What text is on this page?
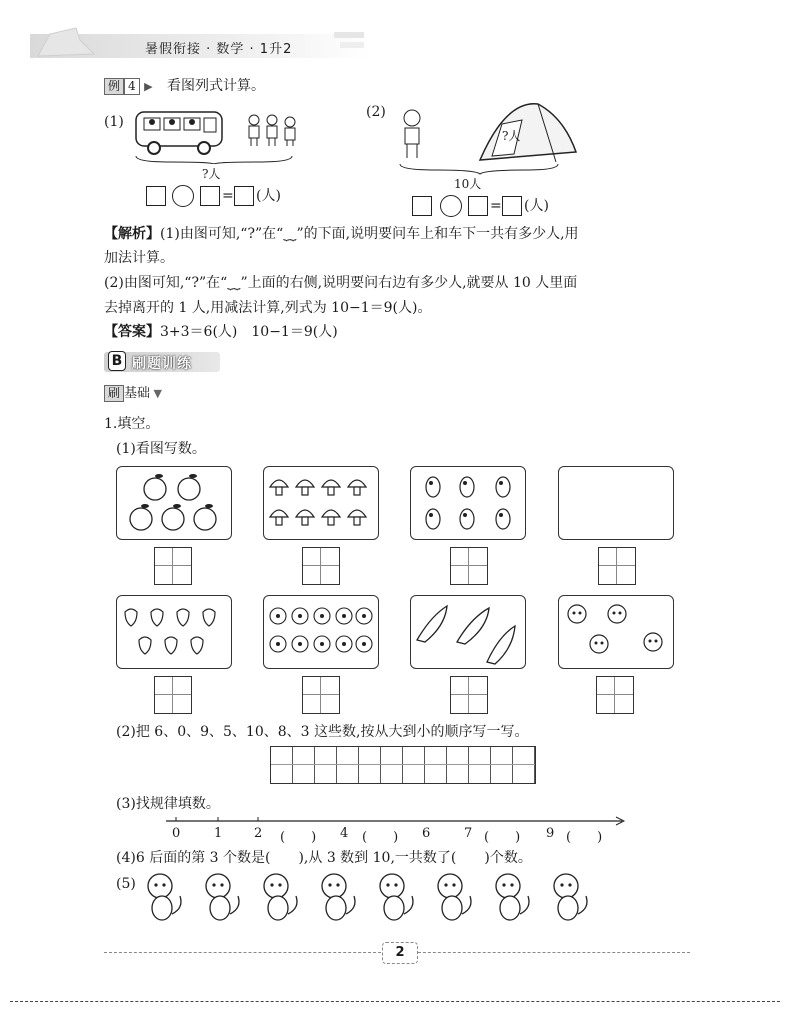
暑假衔接 · 数学 · 1升2
例 4 ▶ 看图列式计算。
(1)
?人
= (人)
(2)
?人
10人
= (人)
【解析】(1)由图可知,“?”在“⏟⏟”的下面,说明要问车上和车下一共有多少人,用
加法计算。
(2)由图可知,“?”在“⏟⏟”上面的右侧,说明要问右边有多少人,就要从 10 人里面
去掉离开的 1 人,用减法计算,列式为 10−1＝9(人)。
【答案】3+3＝6(人)　10−1＝9(人)
B 刷题训练
刷 基础 ▼
1.填空。
(1)看图写数。
(2)把 6、0、9、5、10、8、3 这些数,按从大到小的顺序写一写。
(3)找规律填数。
0	1 2 (　　) 4 (　　) 6	7 (　　) 9 (　　)
(4)6 后面的第 3 个数是(　　),从 3 数到 10,一共数了(　　)个数。
(5)
2
